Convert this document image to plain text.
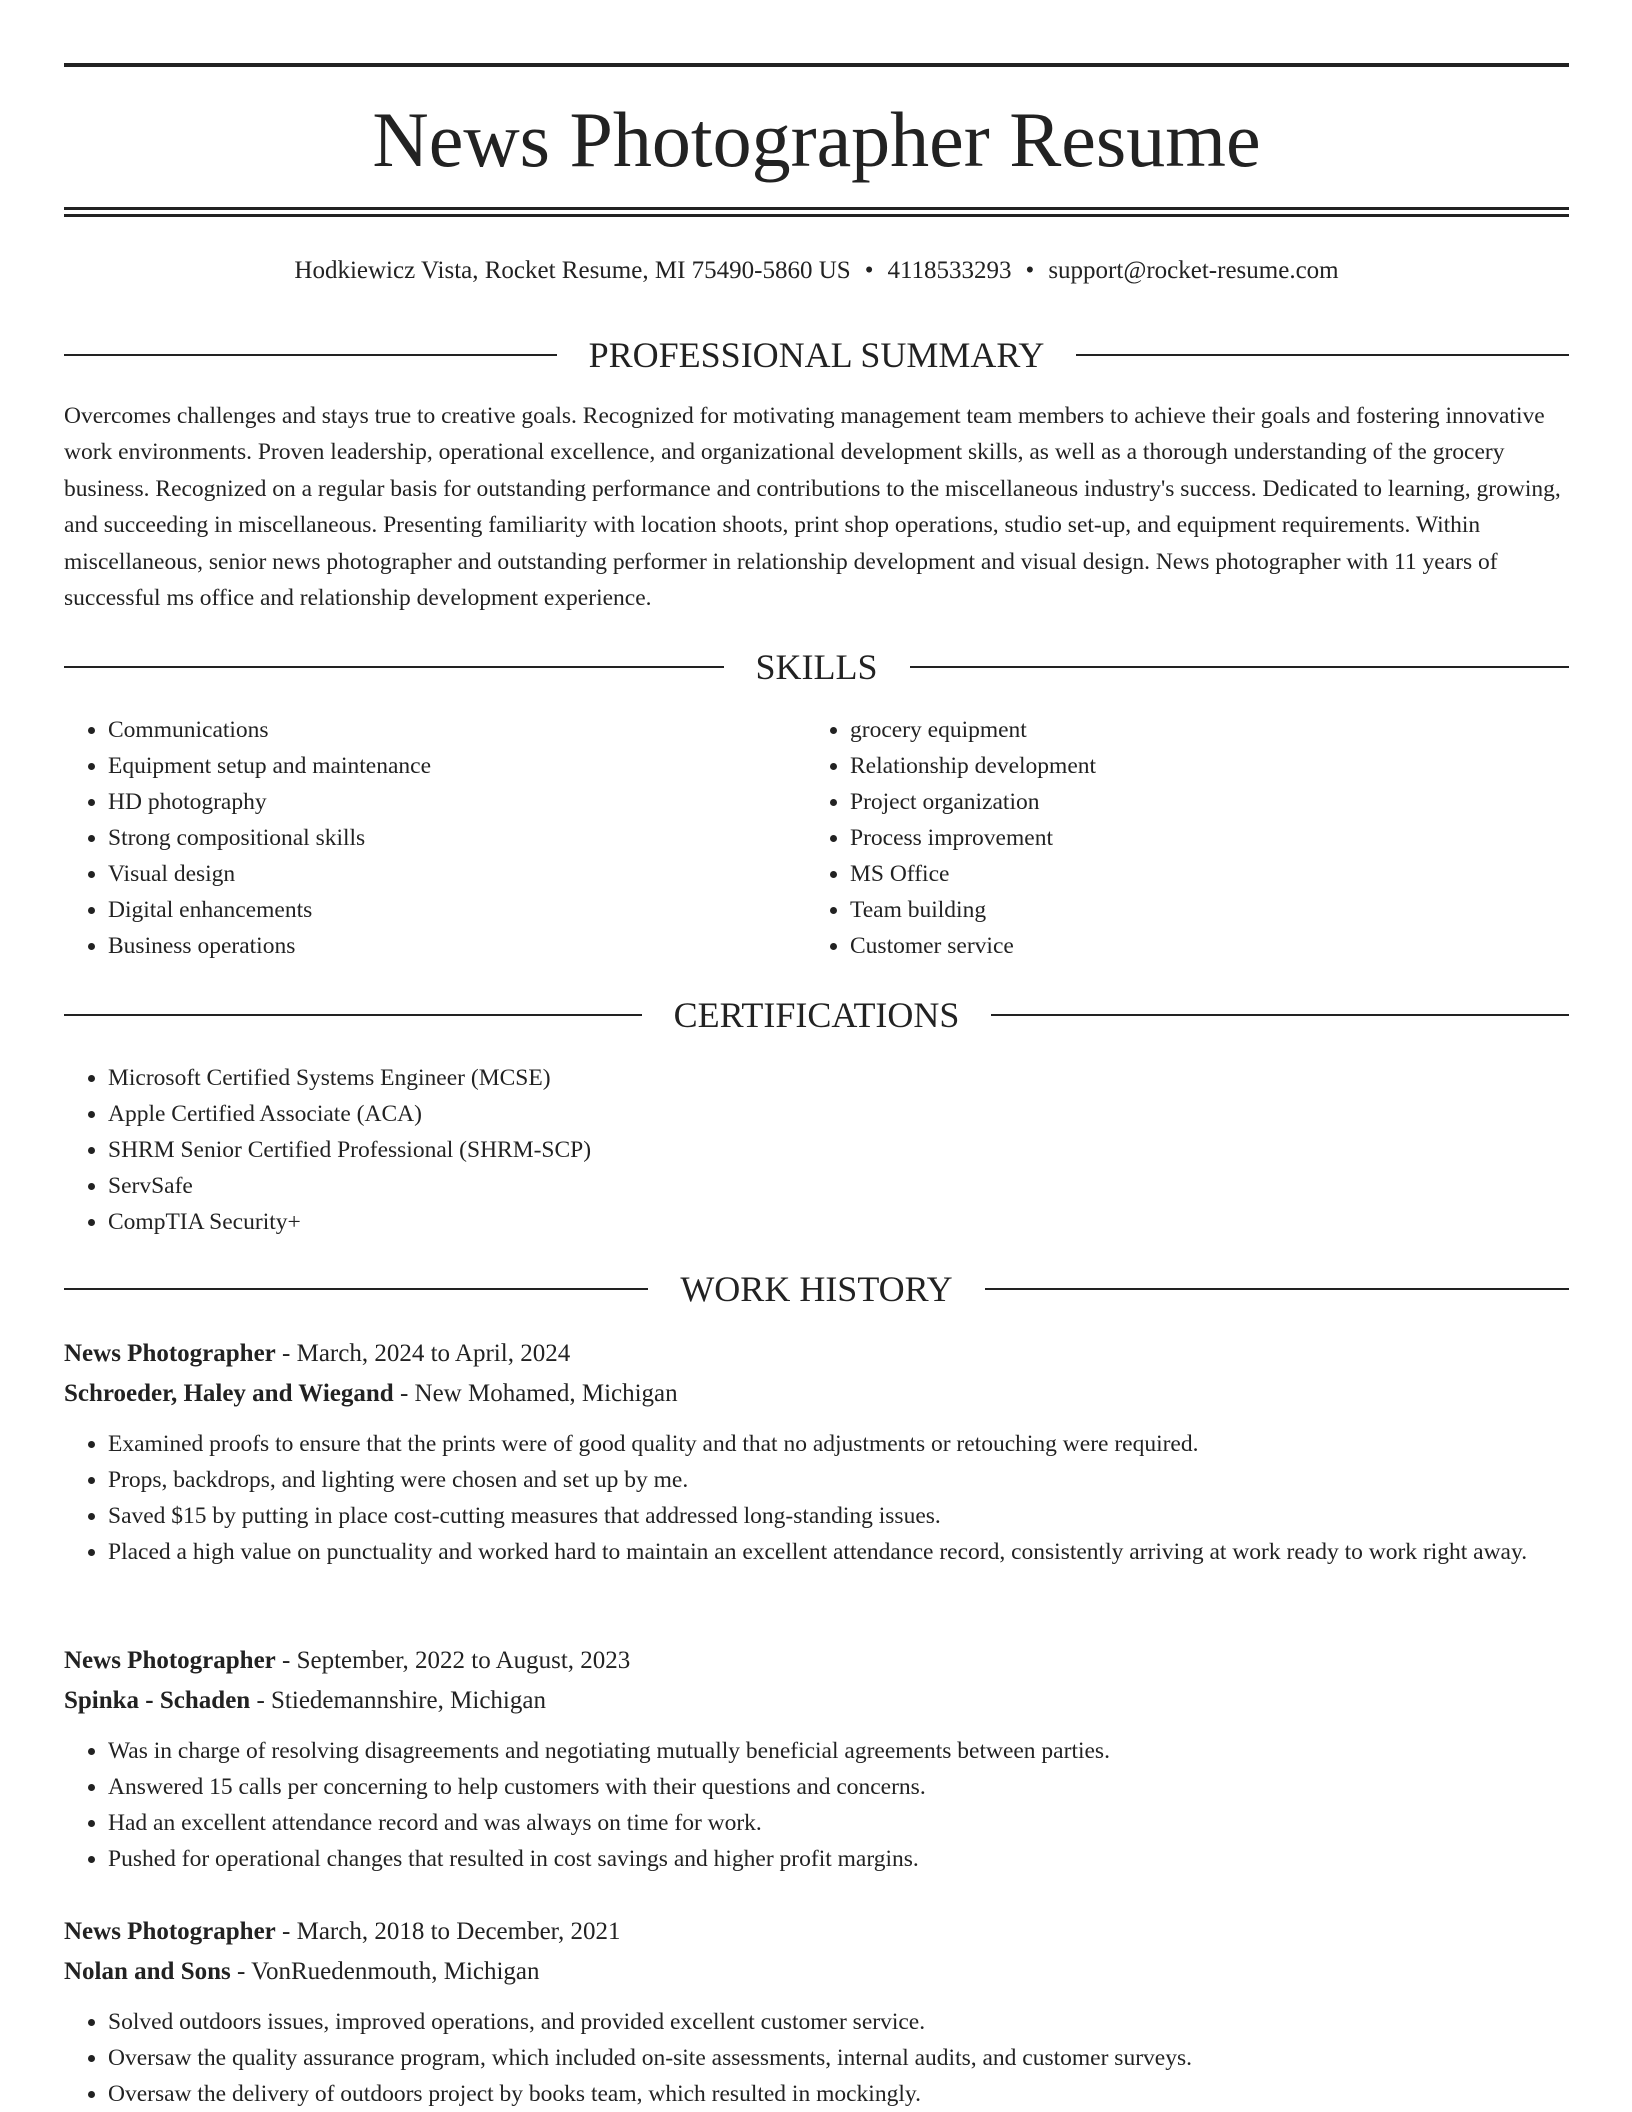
News Photographer Resume
Hodkiewicz Vista, Rocket Resume, MI 75490-5860 US • 4118533293 • support@rocket-resume.com
PROFESSIONAL SUMMARY

Overcomes challenges and stays true to creative goals. Recognized for motivating management team members to achieve their goals and fostering innovative work environments. Proven leadership, operational excellence, and organizational development skills, as well as a thorough understanding of the grocery business. Recognized on a regular basis for outstanding performance and contributions to the miscellaneous industry's success. Dedicated to learning, growing, and succeeding in miscellaneous. Presenting familiarity with location shoots, print shop operations, studio set-up, and equipment requirements. Within miscellaneous, senior news photographer and outstanding performer in relationship development and visual design. News photographer with 11 years of successful ms office and relationship development experience.

SKILLS
• Communications
• Equipment setup and maintenance
• HD photography
• Strong compositional skills
• Visual design
• Digital enhancements
• Business operations
• grocery equipment
• Relationship development
• Project organization
• Process improvement
• MS Office
• Team building
• Customer service
CERTIFICATIONS
• Microsoft Certified Systems Engineer (MCSE)
• Apple Certified Associate (ACA)
• SHRM Senior Certified Professional (SHRM-SCP)
• ServSafe
• CompTIA Security+
WORK HISTORY
News Photographer - March, 2024 to April, 2024
Schroeder, Haley and Wiegand - New Mohamed, Michigan
• Examined proofs to ensure that the prints were of good quality and that no adjustments or retouching were required.
• Props, backdrops, and lighting were chosen and set up by me.
• Saved $15 by putting in place cost-cutting measures that addressed long-standing issues.
• Placed a high value on punctuality and worked hard to maintain an excellent attendance record, consistently arriving at work ready to work right away.
News Photographer - September, 2022 to August, 2023
Spinka - Schaden - Stiedemannshire, Michigan
• Was in charge of resolving disagreements and negotiating mutually beneficial agreements between parties.
• Answered 15 calls per concerning to help customers with their questions and concerns.
• Had an excellent attendance record and was always on time for work.
• Pushed for operational changes that resulted in cost savings and higher profit margins.
News Photographer - March, 2018 to December, 2021
Nolan and Sons - VonRuedenmouth, Michigan
• Solved outdoors issues, improved operations, and provided excellent customer service.
• Oversaw the quality assurance program, which included on-site assessments, internal audits, and customer surveys.
• Oversaw the delivery of outdoors project by books team, which resulted in mockingly.
